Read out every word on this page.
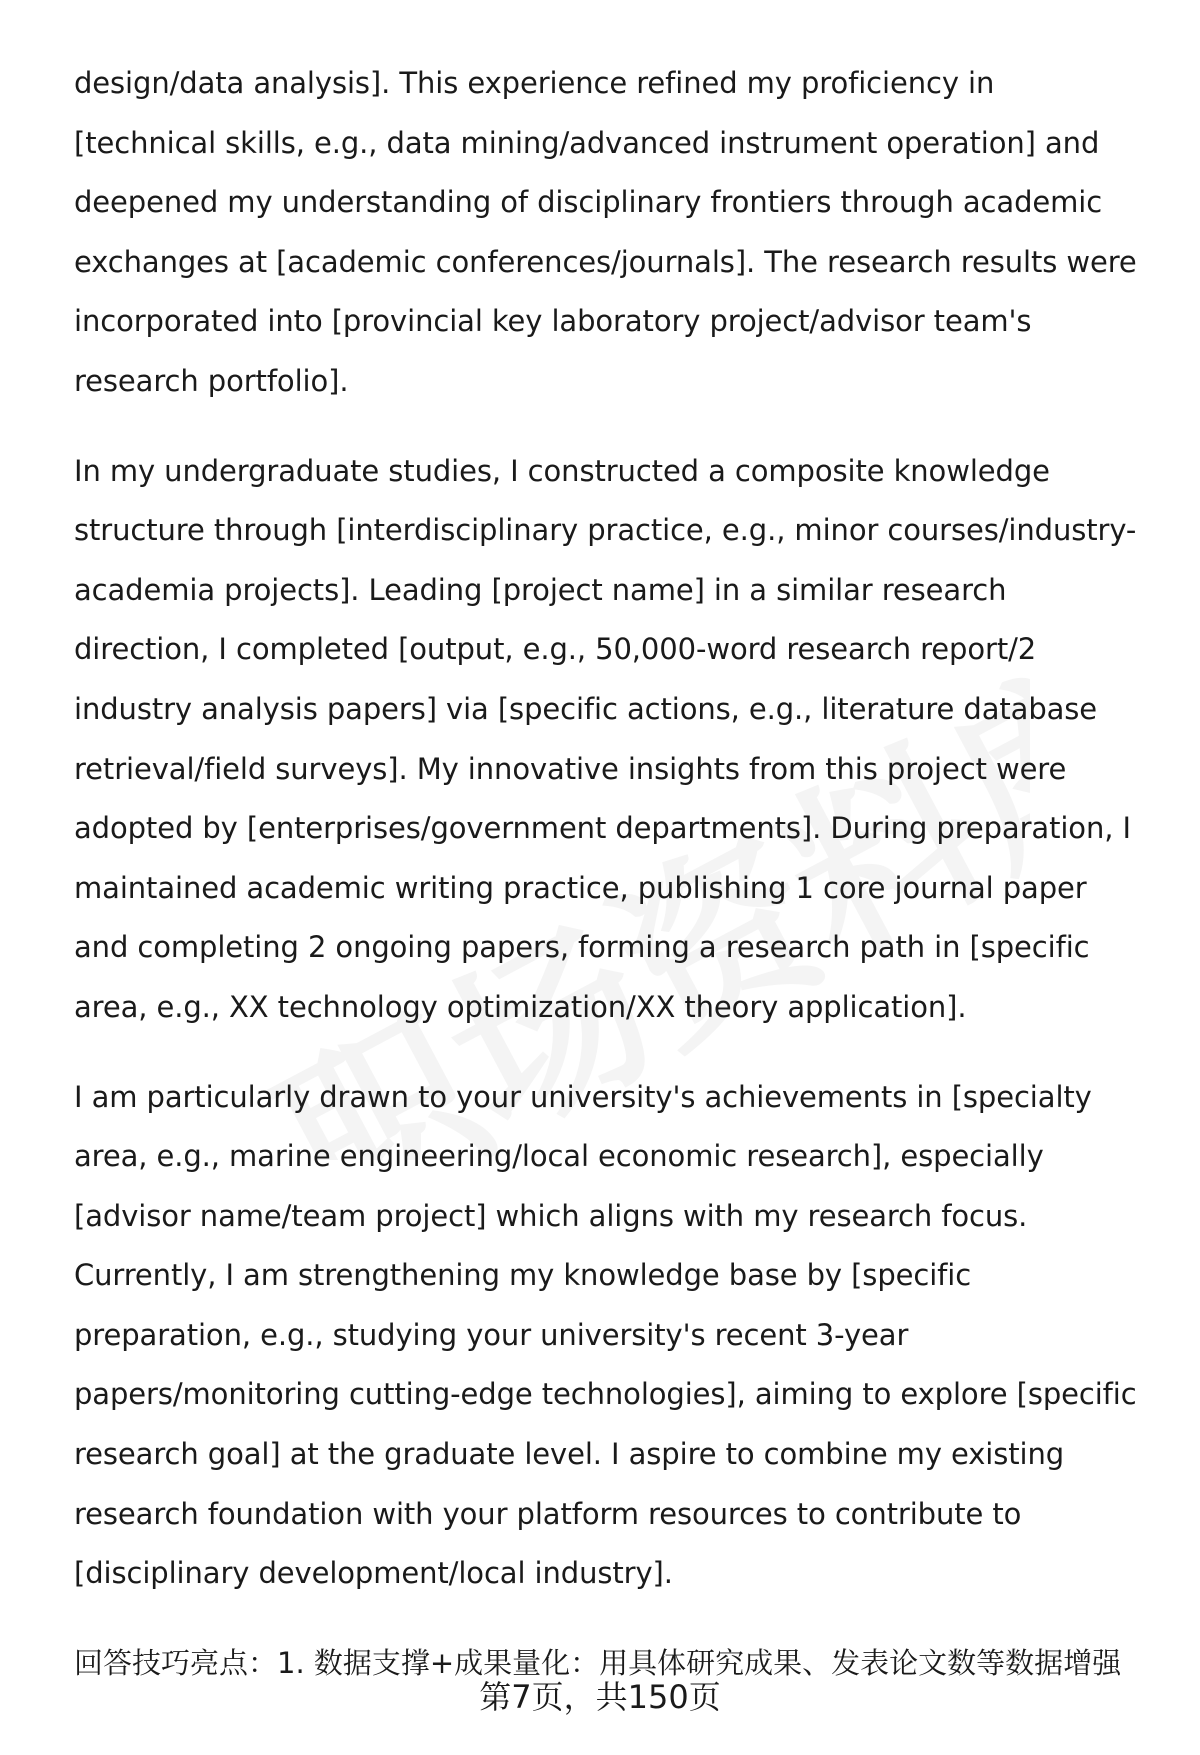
职场资料库

design/data analysis]. This experience refined my proficiency in [technical skills, e.g., data mining/advanced instrument operation] and deepened my understanding of disciplinary frontiers through academic exchanges at [academic conferences/journals]. The research results were incorporated into [provincial key laboratory project/advisor team's research portfolio].

In my undergraduate studies, I constructed a composite knowledge structure through [interdisciplinary practice, e.g., minor courses/industry-academia projects]. Leading [project name] in a similar research direction, I completed [output, e.g., 50,000-word research report/2 industry analysis papers] via [specific actions, e.g., literature database retrieval/field surveys]. My innovative insights from this project were adopted by [enterprises/government departments]. During preparation, I maintained academic writing practice, publishing 1 core journal paper and completing 2 ongoing papers, forming a research path in [specific area, e.g., XX technology optimization/XX theory application].

I am particularly drawn to your university's achievements in [specialty area, e.g., marine engineering/local economic research], especially [advisor name/team project] which aligns with my research focus. Currently, I am strengthening my knowledge base by [specific preparation, e.g., studying your university's recent 3-year papers/monitoring cutting-edge technologies], aiming to explore [specific research goal] at the graduate level. I aspire to combine my existing research foundation with your platform resources to contribute to [disciplinary development/local industry].

回答技巧亮点：1. 数据支撑+成果量化：用具体研究成果、发表论文数等数据增强

第7页，共150页
